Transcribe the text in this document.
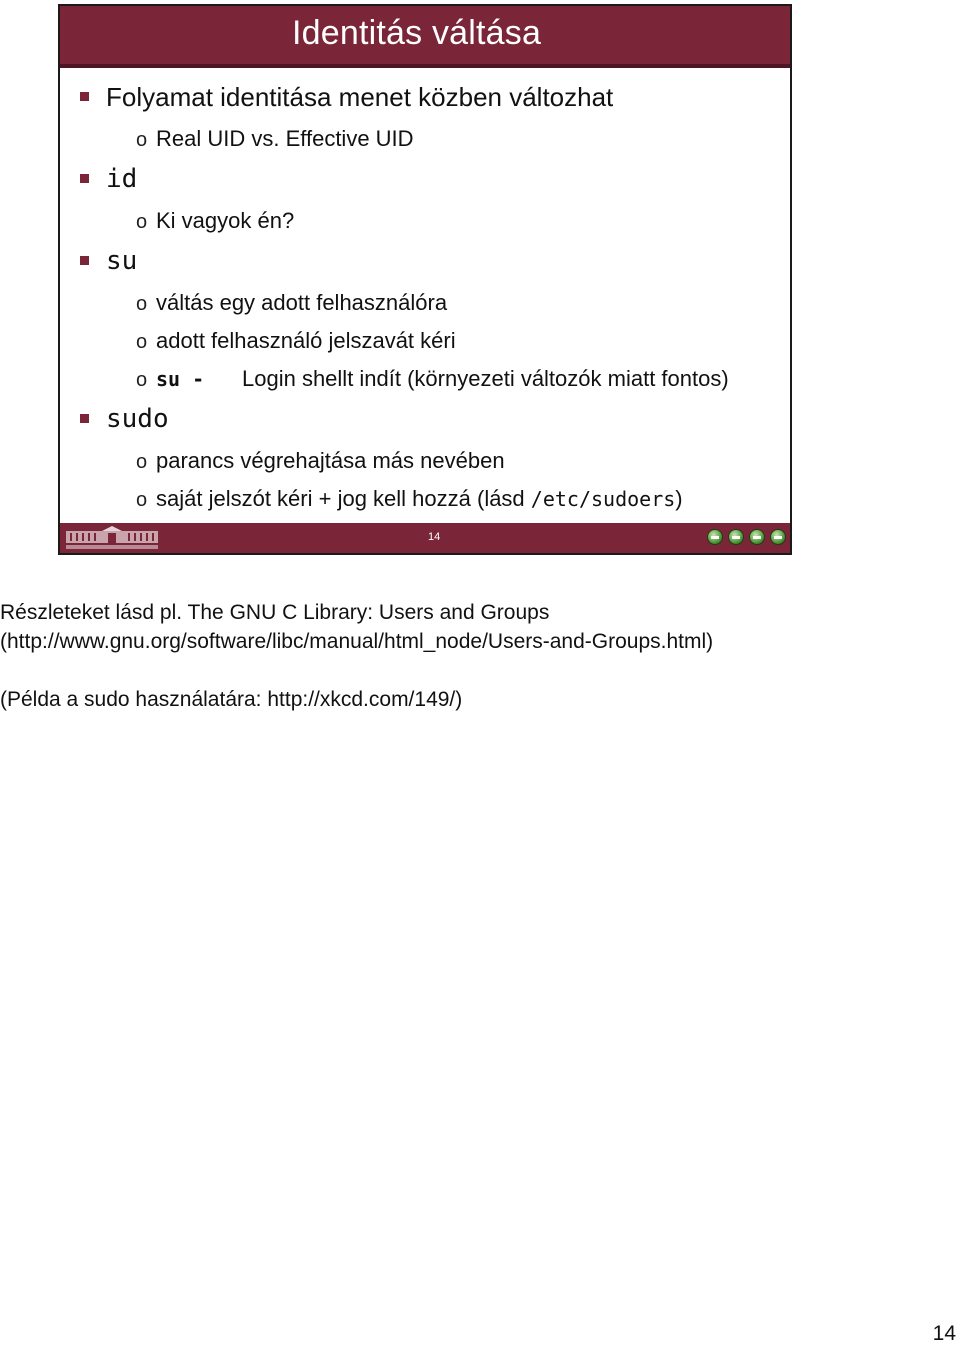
Identitás váltása
Folyamat identitása menet közben változhat
o Real UID vs. Effective UID
id
o Ki vagyok én?
su
o váltás egy adott felhasználóra
o adott felhasználó jelszavát kéri
o su - Login shellt indít (környezeti változók miatt fontos)
sudo
o parancs végrehajtása más nevében
o saját jelszót kéri + jog kell hozzá (lásd /etc/sudoers)
14
Részleteket lásd pl. The GNU C Library: Users and Groups
(http://www.gnu.org/software/libc/manual/html_node/Users-and-Groups.html)
(Példa a sudo használatára: http://xkcd.com/149/)
14
